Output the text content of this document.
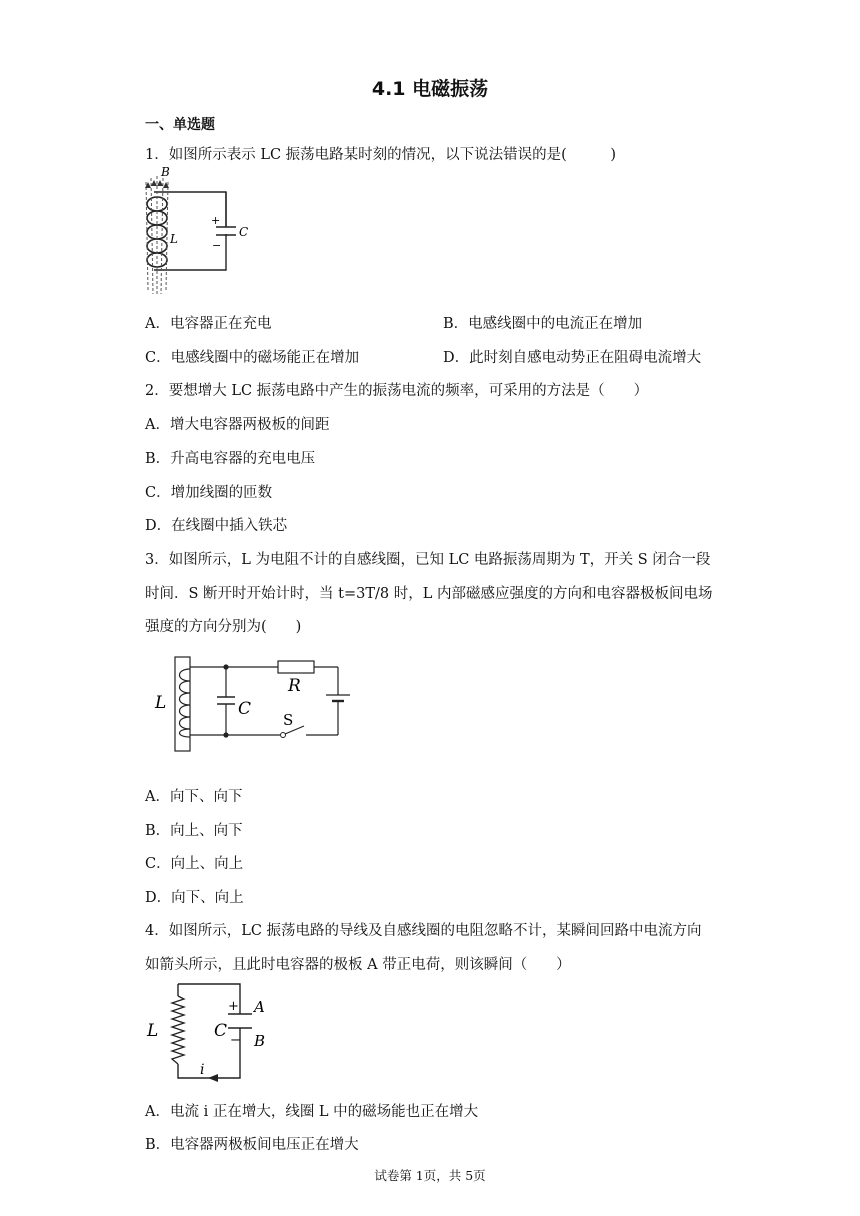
4.1 电磁振荡
一、单选题
1．如图所示表示 LC 振荡电路某时刻的情况，以下说法错误的是(　　　)
B
L
+
C
−
A．电容器正在充电	B．电感线圈中的电流正在增加
C．电感线圈中的磁场能正在增加	D．此时刻自感电动势正在阻碍电流增大
2．要想增大 LC 振荡电路中产生的振荡电流的频率，可采用的方法是（　　）
A．增大电容器两极板的间距
B．升高电容器的充电电压
C．增加线圈的匝数
D．在线圈中插入铁芯
3．如图所示，L 为电阻不计的自感线圈，已知 LC 电路振荡周期为 T，开关 S 闭合一段
时间．S 断开时开始计时，当 t=3T/8 时，L 内部磁感应强度的方向和电容器极板间电场
强度的方向分别为(　　)
L	C
R
S
A．向下、向下
B．向上、向下
C．向上、向上
D．向下、向上
4．如图所示，LC 振荡电路的导线及自感线圈的电阻忽略不计，某瞬间回路中电流方向
如箭头所示，且此时电容器的极板 A 带正电荷，则该瞬间（　　）
L	C
+ A
− B
i
A．电流 i 正在增大，线圈 L 中的磁场能也正在增大
B．电容器两极板间电压正在增大
试卷第 1页，共 5页
